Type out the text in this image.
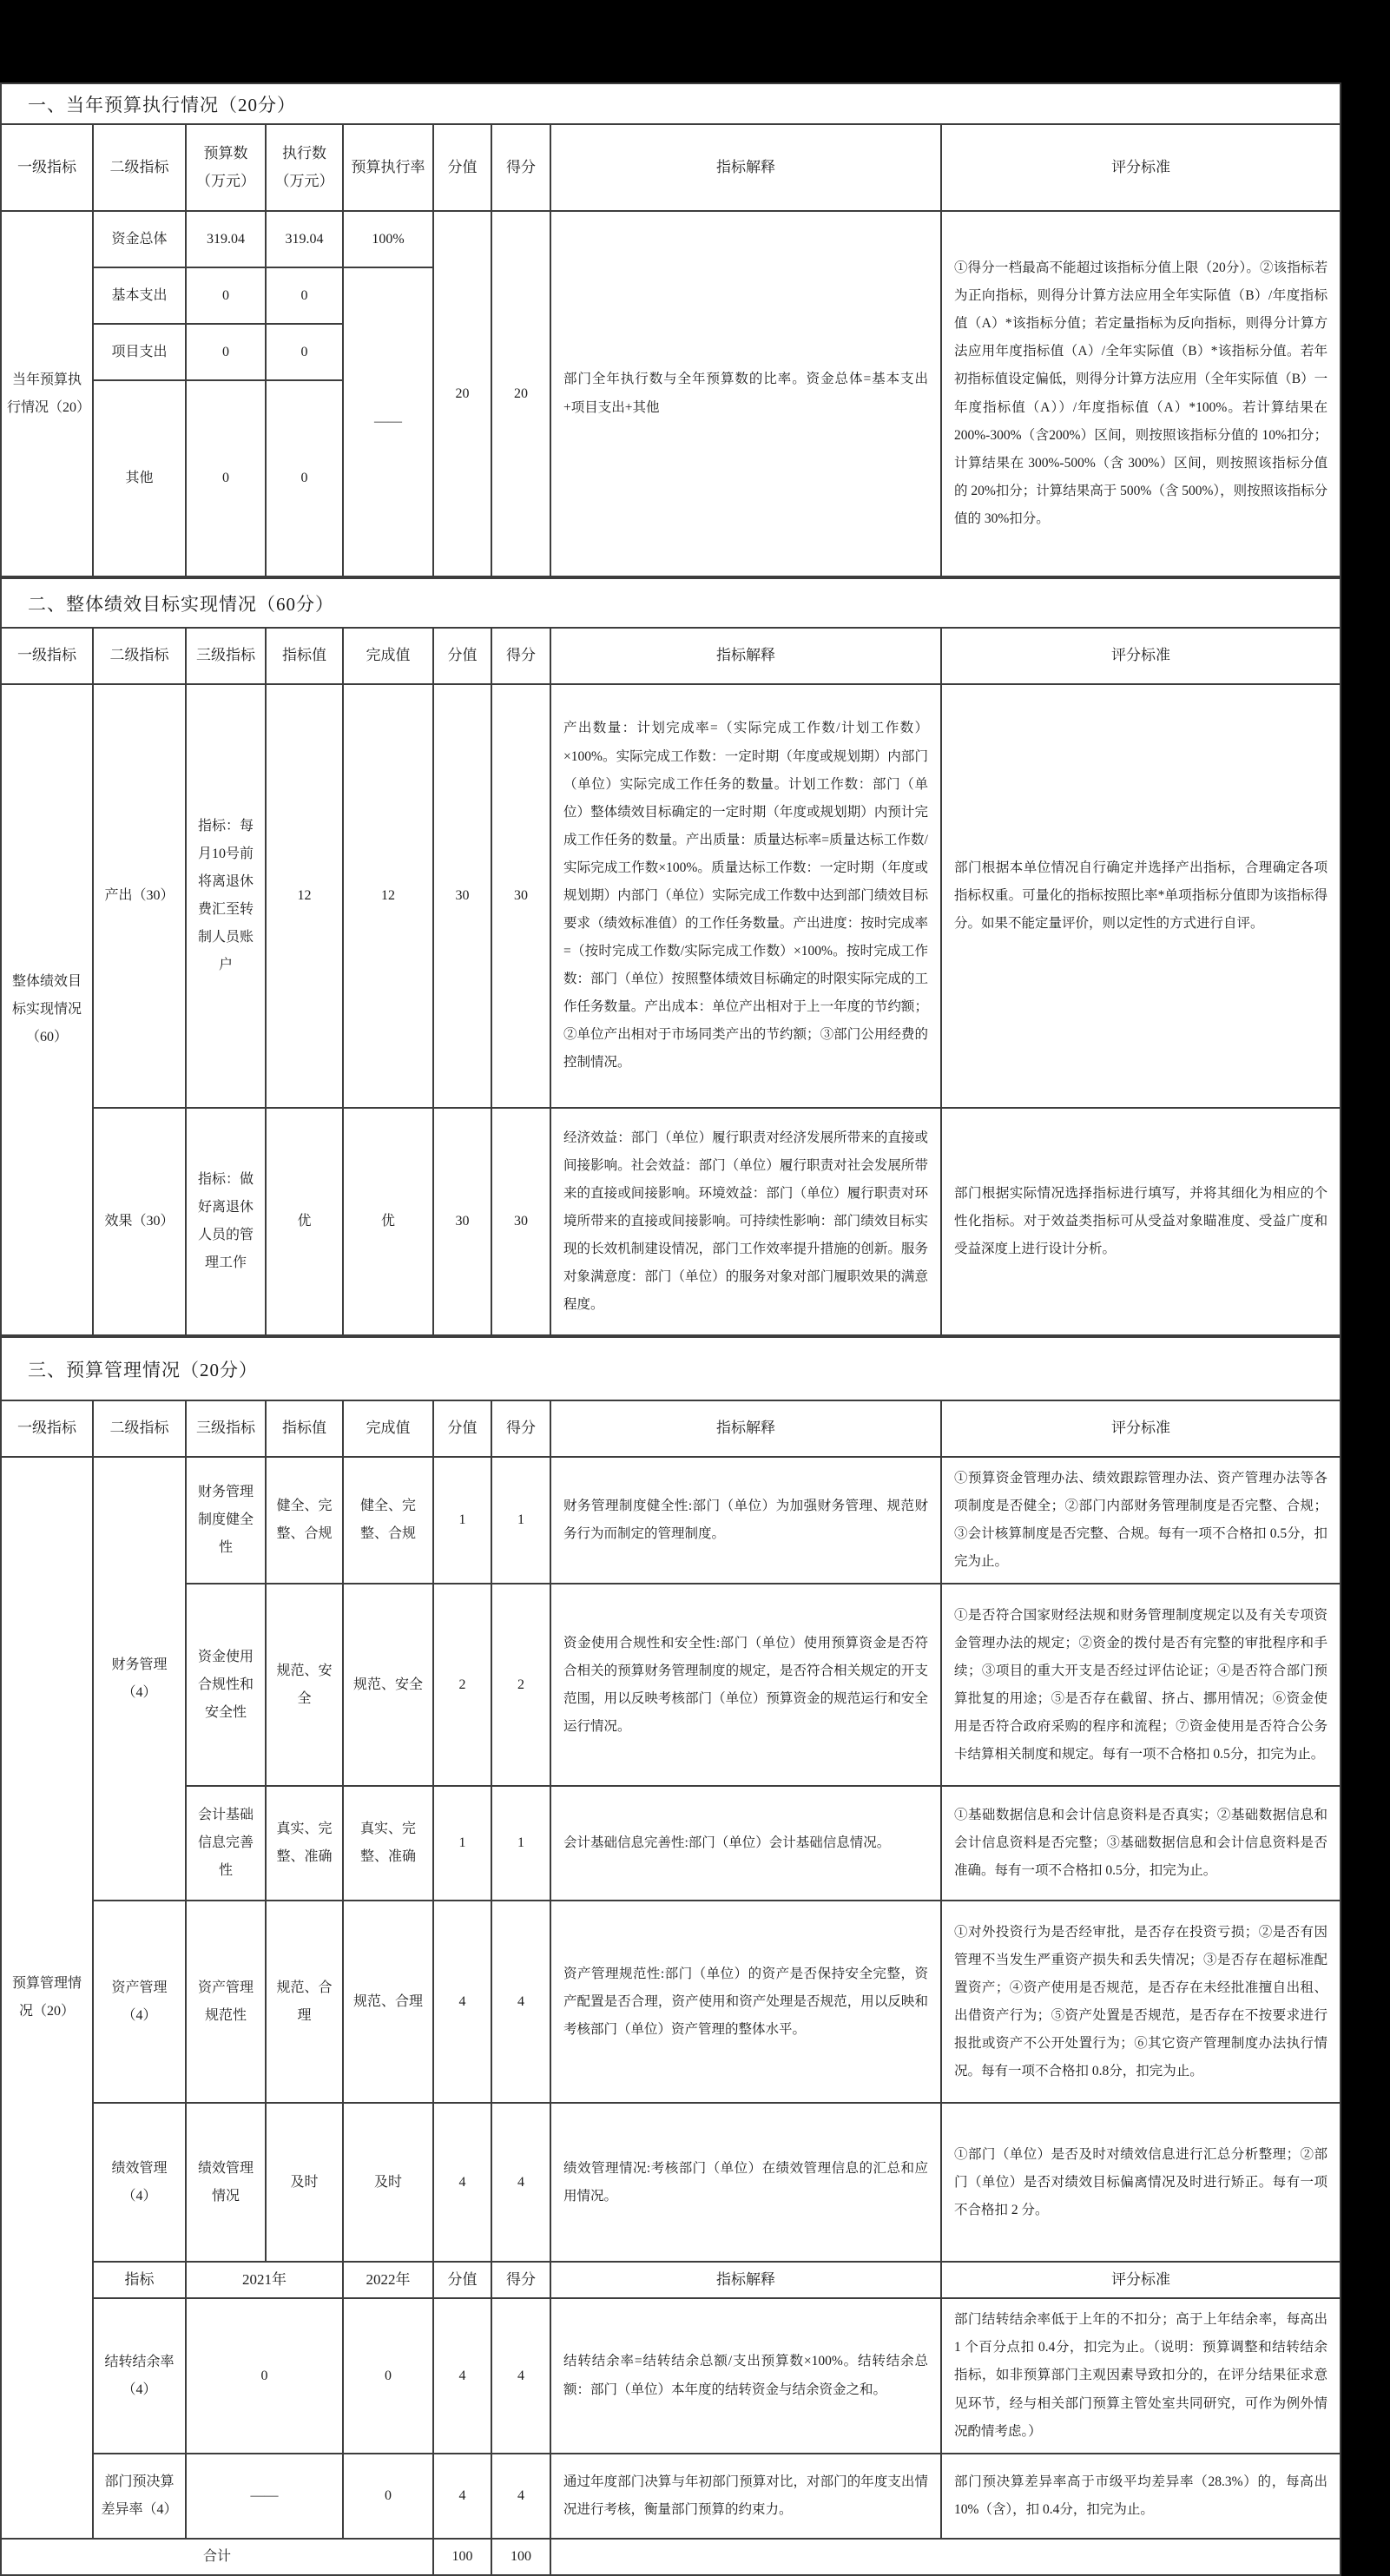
一、当年预算执行情况（20分）								
一级指标	二级指标	预算数（万元）	执行数（万元）	预算执行率	分值	得分	指标解释	评分标准
当年预算执行情况（20）	资金总体	319.04	319.04	100%	20	20	部门全年执行数与全年预算数的比率。资金总体=基本支出+项目支出+其他	①得分一档最高不能超过该指标分值上限（20分）。②该指标若为正向指标，则得分计算方法应用全年实际值（B）/年度指标值（A）*该指标分值；若定量指标为反向指标，则得分计算方法应用年度指标值（A）/全年实际值（B）*该指标分值。若年初指标值设定偏低，则得分计算方法应用（全年实际值（B）一年度指标值（A））/年度指标值（A）*100%。若计算结果在 200%-300%（含200%）区间，则按照该指标分值的 10%扣分；计算结果在 300%-500%（含 300%）区间，则按照该指标分值的 20%扣分；计算结果高于 500%（含 500%），则按照该指标分值的 30%扣分。
	基本支出	0	0	——				
	项目支出	0	0					
	其他	0	0					
二、整体绩效目标实现情况（60分）								
一级指标	二级指标	三级指标	指标值	完成值	分值	得分	指标解释	评分标准
整体绩效目标实现情况（60）	产出（30）	指标：每月10号前将离退休费汇至转制人员账户	12	12	30	30	产出数量：计划完成率=（实际完成工作数/计划工作数）×100%。实际完成工作数：一定时期（年度或规划期）内部门（单位）实际完成工作任务的数量。计划工作数：部门（单位）整体绩效目标确定的一定时期（年度或规划期）内预计完成工作任务的数量。产出质量：质量达标率=质量达标工作数/实际完成工作数×100%。质量达标工作数：一定时期（年度或规划期）内部门（单位）实际完成工作数中达到部门绩效目标要求（绩效标准值）的工作任务数量。产出进度：按时完成率=（按时完成工作数/实际完成工作数）×100%。按时完成工作数：部门（单位）按照整体绩效目标确定的时限实际完成的工作任务数量。产出成本：单位产出相对于上一年度的节约额；②单位产出相对于市场同类产出的节约额；③部门公用经费的控制情况。	部门根据本单位情况自行确定并选择产出指标，合理确定各项指标权重。可量化的指标按照比率*单项指标分值即为该指标得分。如果不能定量评价，则以定性的方式进行自评。
	效果（30）	指标：做好离退休人员的管理工作	优	优	30	30	经济效益：部门（单位）履行职责对经济发展所带来的直接或间接影响。社会效益：部门（单位）履行职责对社会发展所带来的直接或间接影响。环境效益：部门（单位）履行职责对环境所带来的直接或间接影响。可持续性影响：部门绩效目标实现的长效机制建设情况，部门工作效率提升措施的创新。服务对象满意度：部门（单位）的服务对象对部门履职效果的满意程度。	部门根据实际情况选择指标进行填写，并将其细化为相应的个性化指标。对于效益类指标可从受益对象瞄准度、受益广度和受益深度上进行设计分析。
三、预算管理情况（20分）								
一级指标	二级指标	三级指标	指标值	完成值	分值	得分	指标解释	评分标准
预算管理情况（20）	财务管理（4）	财务管理制度健全性	健全、完整、合规	健全、完整、合规	1	1	财务管理制度健全性:部门（单位）为加强财务管理、规范财务行为而制定的管理制度。	①预算资金管理办法、绩效跟踪管理办法、资产管理办法等各项制度是否健全；②部门内部财务管理制度是否完整、合规；③会计核算制度是否完整、合规。每有一项不合格扣 0.5分，扣完为止。
		资金使用合规性和安全性	规范、安全	规范、安全	2	2	资金使用合规性和安全性:部门（单位）使用预算资金是否符合相关的预算财务管理制度的规定，是否符合相关规定的开支范围，用以反映考核部门（单位）预算资金的规范运行和安全运行情况。	①是否符合国家财经法规和财务管理制度规定以及有关专项资金管理办法的规定；②资金的拨付是否有完整的审批程序和手续；③项目的重大开支是否经过评估论证；④是否符合部门预算批复的用途；⑤是否存在截留、挤占、挪用情况；⑥资金使用是否符合政府采购的程序和流程；⑦资金使用是否符合公务卡结算相关制度和规定。每有一项不合格扣 0.5分，扣完为止。
		会计基础信息完善性	真实、完整、准确	真实、完整、准确	1	1	会计基础信息完善性:部门（单位）会计基础信息情况。	①基础数据信息和会计信息资料是否真实；②基础数据信息和会计信息资料是否完整；③基础数据信息和会计信息资料是否准确。每有一项不合格扣 0.5分，扣完为止。
	资产管理（4）	资产管理规范性	规范、合理	规范、合理	4	4	资产管理规范性:部门（单位）的资产是否保持安全完整，资产配置是否合理，资产使用和资产处理是否规范，用以反映和考核部门（单位）资产管理的整体水平。	①对外投资行为是否经审批，是否存在投资亏损；②是否有因管理不当发生严重资产损失和丢失情况；③是否存在超标准配置资产；④资产使用是否规范，是否存在未经批准擅自出租、出借资产行为；⑤资产处置是否规范，是否存在不按要求进行报批或资产不公开处置行为；⑥其它资产管理制度办法执行情况。每有一项不合格扣 0.8分，扣完为止。
	绩效管理（4）	绩效管理情况	及时	及时	4	4	绩效管理情况:考核部门（单位）在绩效管理信息的汇总和应用情况。	①部门（单位）是否及时对绩效信息进行汇总分析整理；②部门（单位）是否对绩效目标偏离情况及时进行矫正。每有一项不合格扣 2 分。
	指标	2021年		2022年	分值	得分	指标解释	评分标准
	结转结余率（4）	0		0	4	4	结转结余率=结转结余总额/支出预算数×100%。结转结余总额：部门（单位）本年度的结转资金与结余资金之和。	部门结转结余率低于上年的不扣分；高于上年结余率，每高出 1 个百分点扣 0.4分，扣完为止。（说明：预算调整和结转结余指标，如非预算部门主观因素导致扣分的，在评分结果征求意见环节，经与相关部门预算主管处室共同研究，可作为例外情况酌情考虑。）
	部门预决算差异率（4）	——		0	4	4	通过年度部门决算与年初部门预算对比，对部门的年度支出情况进行考核，衡量部门预算的约束力。	部门预决算差异率高于市级平均差异率（28.3%）的，每高出 10%（含），扣 0.4分，扣完为止。
合计					100	100		
